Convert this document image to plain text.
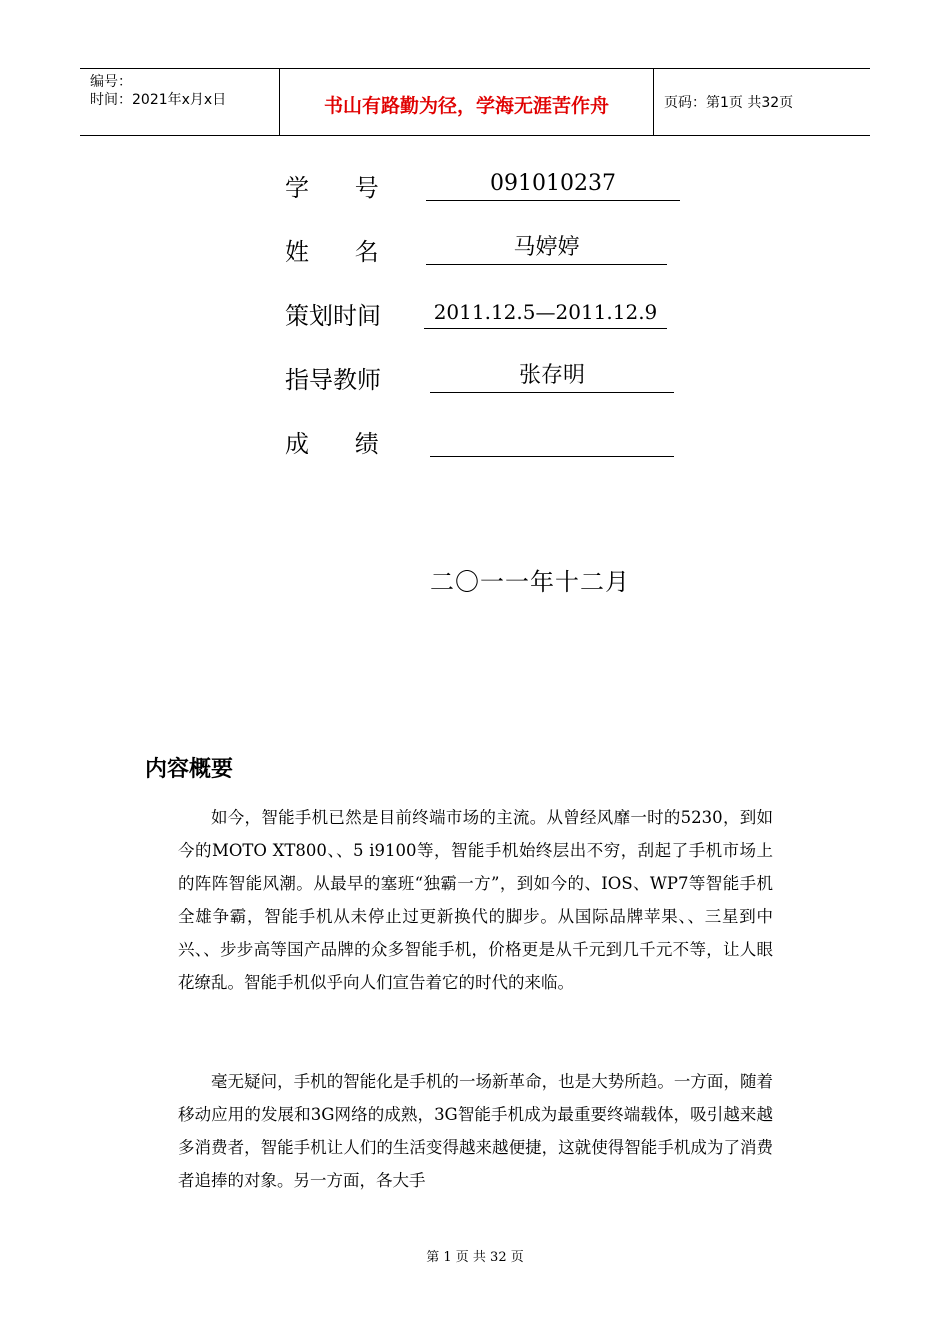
编号：
时间：2021年x月x日	书山有路勤为径，学海无涯苦作舟	页码：第1页 共32页
学      号	091010237
姓      名	马婷婷
策划时间	2011.12.5—2011.12.9
指导教师	张存明
成      绩
二〇一一年十二月
内容概要

如今，智能手机已然是目前终端市场的主流。从曾经风靡一时的5230，到如今的MOTO XT800、、5 i9100等，智能手机始终层出不穷，刮起了手机市场上的阵阵智能风潮。从最早的塞班“独霸一方”，到如今的、IOS、WP7等智能手机全雄争霸，智能手机从未停止过更新换代的脚步。从国际品牌苹果、、三星到中兴、、步步高等国产品牌的众多智能手机，价格更是从千元到几千元不等，让人眼花缭乱。智能手机似乎向人们宣告着它的时代的来临。

毫无疑问，手机的智能化是手机的一场新革命，也是大势所趋。一方面，随着移动应用的发展和3G网络的成熟，3G智能手机成为最重要终端载体，吸引越来越多消费者，智能手机让人们的生活变得越来越便捷，这就使得智能手机成为了消费者追捧的对象。另一方面，各大手

第 1 页 共 32 页
